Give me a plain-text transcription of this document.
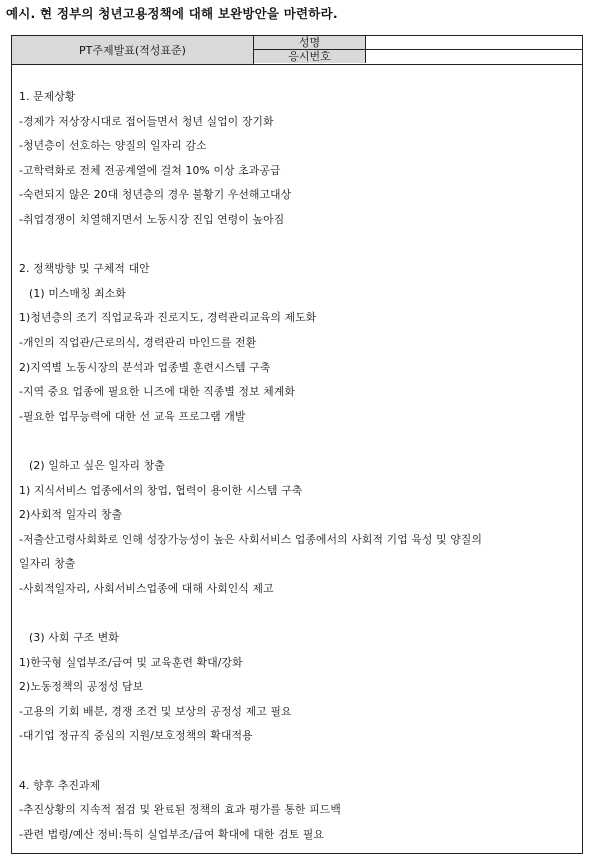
예시. 현 정부의 청년고용정책에 대해 보완방안을 마련하라.
PT주제발표(적성표준)
성명
응시번호
1. 문제상황
-경제가 저상장시대로 접어들면서 청년 실업이 장기화
-청년층이 선호하는 양질의 일자리 감소
-고학력화로 전체 전공계열에 걸쳐 10% 이상 초과공급
-숙련되지 않은 20대 청년층의 경우 불황기 우선해고대상
-취업경쟁이 치열해지면서 노동시장 진입 연령이 높아짐
2. 정책방향 및 구체적 대안
(1) 미스매칭 최소화
1)청년층의 조기 직업교육과 진로지도, 경력관리교육의 제도화
-개인의 직업관/근로의식, 경력관리 마인드를 전환
2)지역별 노동시장의 분석과 업종별 훈련시스템 구축
-지역 중요 업종에 필요한 니즈에 대한 직종별 정보 체계화
-필요한 업무능력에 대한 선 교육 프로그램 개발
(2) 일하고 싶은 일자리 창출
1) 지식서비스 업종에서의 창업, 협력이 용이한 시스템 구축
2)사회적 일자리 창출
-저출산고령사회화로 인해 성장가능성이 높은 사회서비스 업종에서의 사회적 기업 육성 및 양질의
일자리 창출
-사회적일자리, 사회서비스업종에 대해 사회인식 제고
(3) 사회 구조 변화
1)한국형 실업부조/급여 및 교육훈련 확대/강화
2)노동정책의 공정성 담보
-고용의 기회 배분, 경쟁 조건 및 보상의 공정성 제고 필요
-대기업 정규직 중심의 지원/보호정책의 확대적용
4. 향후 추진과제
-추진상황의 지속적 점검 및 완료된 정책의 효과 평가를 통한 피드백
-관련 법령/예산 정비:특히 실업부조/급여 확대에 대한 검토 필요
